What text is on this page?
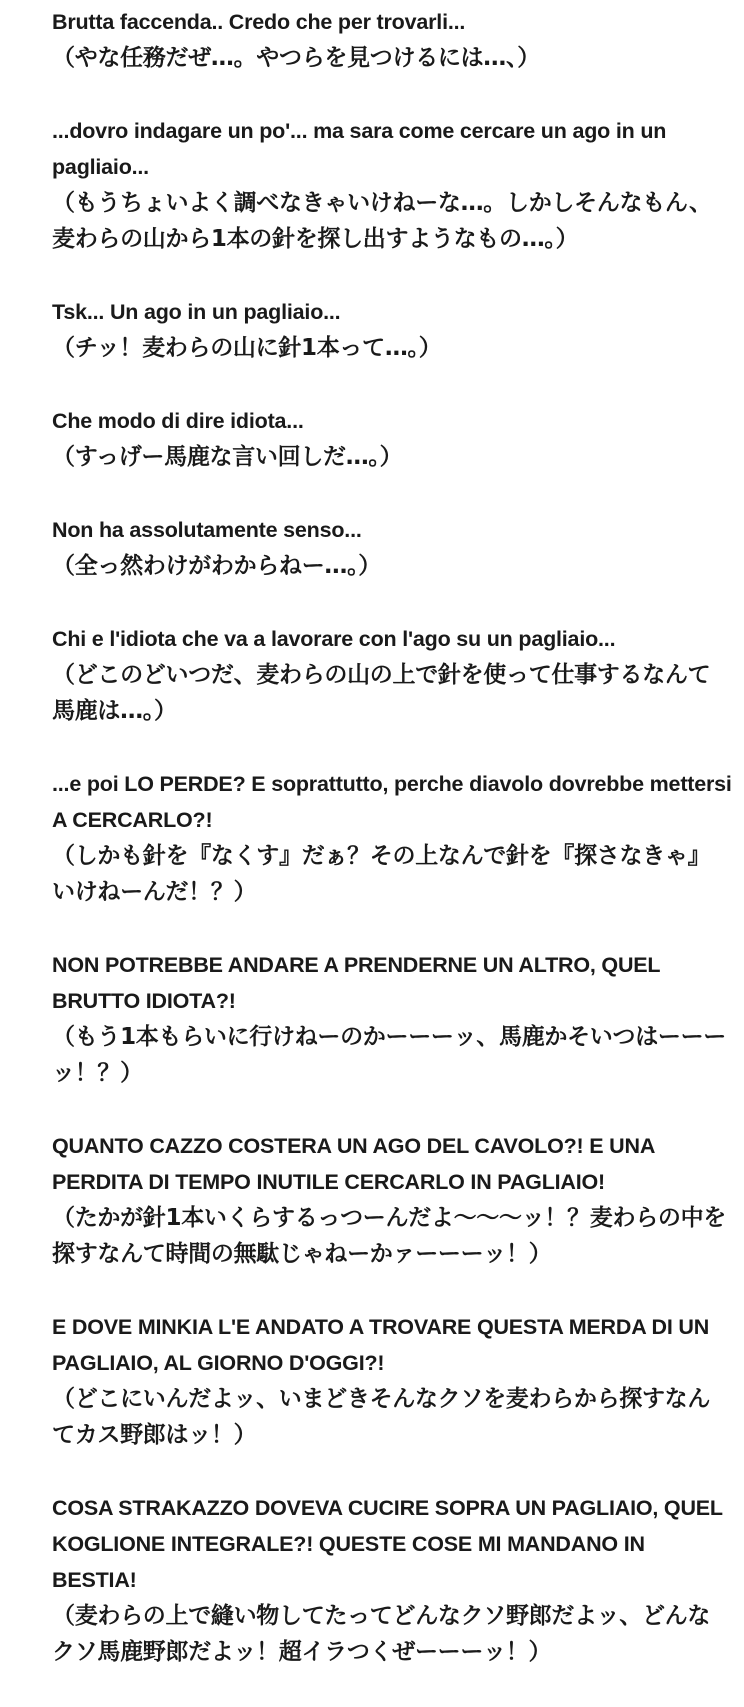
Brutta faccenda.. Credo che per trovarli...

（やな任務だぜ…。やつらを見つけるには…、）

...dovro indagare un po'... ma sara come cercare un ago in un pagliaio...

（もうちょいよく調べなきゃいけねーな…。しかしそんなもん、麦わらの山から1本の針を探し出すようなもの…。）

Tsk... Un ago in un pagliaio...

（チッ！麦わらの山に針1本って…。）

Che modo di dire idiota...

（すっげー馬鹿な言い回しだ…。）

Non ha assolutamente senso...

（全っ然わけがわからねー…。）

Chi e l'idiota che va a lavorare con l'ago su un pagliaio...

（どこのどいつだ、麦わらの山の上で針を使って仕事するなんて馬鹿は…。）

...e poi LO PERDE? E soprattutto, perche diavolo dovrebbe mettersi A CERCARLO?!

（しかも針を『なくす』だぁ？その上なんで針を『探さなきゃ』いけねーんだ！？）

NON POTREBBE ANDARE A PRENDERNE UN ALTRO, QUEL BRUTTO IDIOTA?!

（もう1本もらいに行けねーのかーーーッ、馬鹿かそいつはーーーッ！？）

QUANTO CAZZO COSTERA UN AGO DEL CAVOLO?! E UNA PERDITA DI TEMPO INUTILE CERCARLO IN PAGLIAIO!

（たかが針1本いくらするっつーんだよ〜〜〜ッ！？麦わらの中を探すなんて時間の無駄じゃねーかァーーーッ！）

E DOVE MINKIA L'E ANDATO A TROVARE QUESTA MERDA DI UN PAGLIAIO, AL GIORNO D'OGGI?!

（どこにいんだよッ、いまどきそんなクソを麦わらから探すなんてカス野郎はッ！）

COSA STRAKAZZO DOVEVA CUCIRE SOPRA UN PAGLIAIO, QUEL KOGLIONE INTEGRALE?! QUESTE COSE MI MANDANO IN BESTIA!

（麦わらの上で縫い物してたってどんなクソ野郎だよッ、どんなクソ馬鹿野郎だよッ！超イラつくぜーーーッ！）
